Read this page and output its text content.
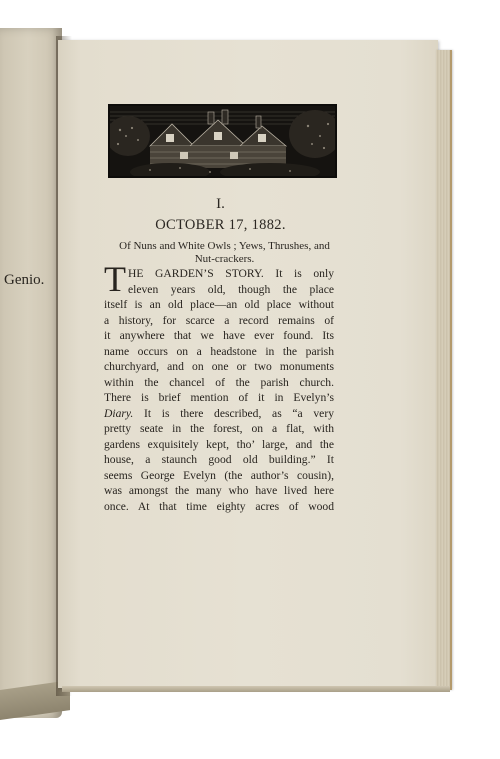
Genio.
I.
OCTOBER 17, 1882.
Of Nuns and White Owls ; Yews, Thrushes, and Nut-crackers.
T HE GARDEN’S STORY. It is only
eleven years old, though the place
itself is an old place—an old place without
a history, for scarce a record remains of
it anywhere that we have ever found. Its
name occurs on a headstone in the parish
churchyard, and on one or two monuments
within the chancel of the parish church.
There is brief mention of it in Evelyn’s
Diary. It is there described, as “a very
pretty seate in the forest, on a flat, with
gardens exquisitely kept, tho’ large, and the
house, a staunch good old building.” It
seems George Evelyn (the author’s cousin),
was amongst the many who have lived here
once. At that time eighty acres of wood
